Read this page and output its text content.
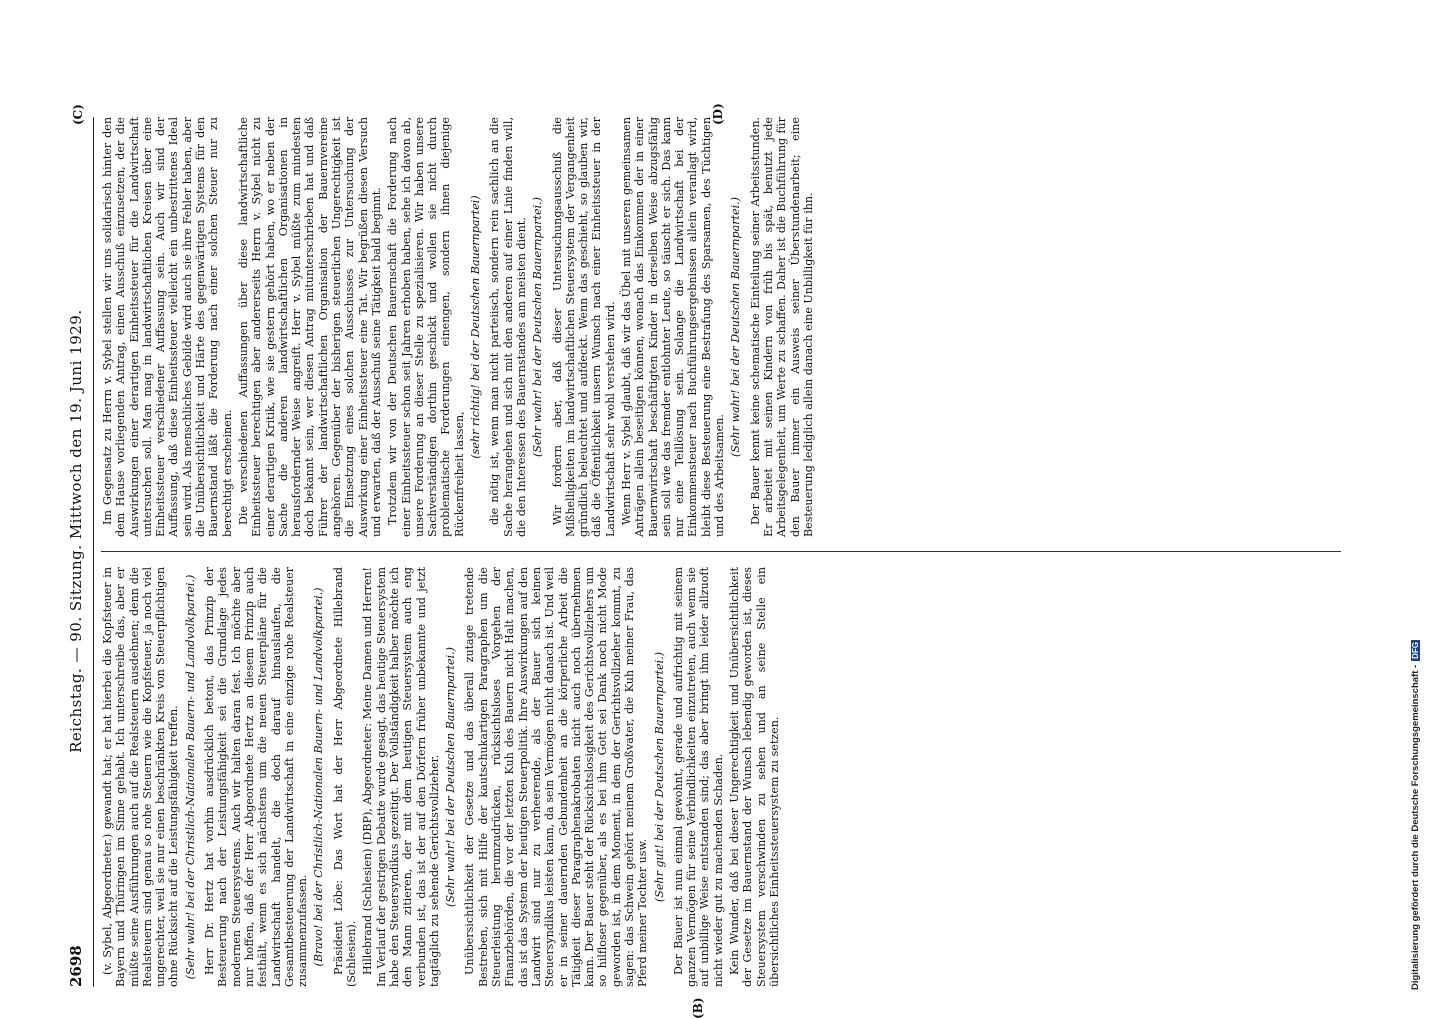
2698
Reichstag. — 90. Sitzung. Mittwoch den 19. Juni 1929.

(v. Sybel, Abgeordneter.) gewandt hat; er hat hierbei die Kopfsteuer in Bayern und Thüringen im Sinne gehabt. Ich unterschreibe das, aber er müßte seine Ausführungen auch auf die Realsteuern ausdehnen; denn die Realsteuern sind genau so rohe Steuern wie die Kopfsteuer, ja noch viel ungerechter, weil sie nur einen beschränkten Kreis von Steuerpflichtigen ohne Rücksicht auf die Leistungsfähigkeit treffen. (Sehr wahr! bei der Christlich-Nationalen Bauern- und Landvolkpartei.) Herr Dr. Hertz hat vorhin ausdrücklich betont, das Prinzip der Besteuerung nach der Leistungsfähigkeit sei die Grundlage jedes modernen Steuersystems. Auch wir halten daran fest. Ich möchte aber nur hoffen, daß der Herr Abgeordnete Hertz an diesem Prinzip auch festhält, wenn es sich nächstens um die neuen Steuerpläne für die Landwirtschaft handelt, die doch darauf hinauslaufen, die Gesamtbesteuerung der Landwirtschaft in eine einzige rohe Realsteuer zusammenzufassen. (Bravo! bei der Christlich-Nationalen Bauern- und Landvolkpartei.) Präsident Löbe: Das Wort hat der Herr Abgeordnete Hillebrand (Schlesien). Hillebrand (Schlesien) (DBP), Abgeordneter: Meine Damen und Herren! Im Verlauf der gestrigen Debatte wurde gesagt, das heutige Steuersystem habe den Steuersyndikus gezeitigt. Der Vollständigkeit halber möchte ich den Mann zitieren, der mit dem heutigen Steuersystem auch eng verbunden ist, das ist der auf den Dörfern früher unbekannte und jetzt tagtäglich zu sehende Gerichtsvollzieher. (Sehr wahr! bei der Deutschen Bauernpartei.) Unübersichtlichkeit der Gesetze und das überall zutage tretende Bestreben, sich mit Hilfe der kautschukartigen Paragraphen um die Steuerleistung herumzudrücken, rücksichtsloses Vorgehen der Finanzbehörden, die vor der letzten Kuh des Bauern nicht Halt machen, das ist das System der heutigen Steuerpolitik. Ihre Auswirkungen auf den Landwirt sind nur zu verheerende, als der Bauer sich keinen Steuersyndikus leisten kann, da sein Vermögen nicht danach ist. Und weil er in seiner dauernden Gebundenheit an die körperliche Arbeit die Tätigkeit dieser Paragraphenakrobaten nicht auch noch übernehmen kann. Der Bauer steht der Rücksichtslosigkeit des Gerichtsvollziehers um so hilfloser gegenüber, als es bei ihm Gott sei Dank noch nicht Mode geworden ist, in dem Moment, in dem der Gerichtsvollzieher kommt, zu sagen: das Schwein gehört meinem Großvater, die Kuh meiner Frau, das Pferd meiner Tochter usw.

(Sehr gut! bei der Deutschen Bauernpartei.) Der Bauer ist nun einmal gewohnt, gerade und aufrichtig mit seinem ganzen Vermögen für seine Verbindlichkeiten einzutreten, auch wenn sie auf unbillige Weise entstanden sind; das aber bringt ihm leider allzuoft nicht wieder gut zu machenden Schaden. Kein Wunder, daß bei dieser Ungerechtigkeit und Unübersichtlichkeit der Gesetze im Bauernstand der Wunsch lebendig geworden ist, dieses Steuersystem verschwinden zu sehen und an seine Stelle ein übersichtliches Einheitssteuersystem zu setzen.

Im Gegensatz zu Herrn v. Sybel stellen wir uns solidarisch hinter den dem Hause vorliegenden Antrag, einen Ausschuß einzusetzen, der die Auswirkungen einer derartigen Einheitssteuer für die Landwirtschaft untersuchen soll. Man mag in landwirtschaftlichen Kreisen über eine Einheitssteuer verschiedener Auffassung sein. Auch wir sind der Auffassung, daß diese Einheitssteuer vielleicht ein unbestrittenes Ideal sein wird. Als menschliches Gebilde wird auch sie ihre Fehler haben, aber die Unübersichtlichkeit und Härte des gegenwärtigen Systems für den Bauernstand läßt die Forderung nach einer solchen Steuer nur zu berechtigt erscheinen. Die verschiedenen Auffassungen über diese landwirtschaftliche Einheitssteuer berechtigen aber andererseits Herrn v. Sybel nicht zu einer derartigen Kritik, wie sie gestern gehört haben, wo er neben der Sache die anderen landwirtschaftlichen Organisationen in herausfordernder Weise angreift. Herr v. Sybel müßte zum mindesten doch bekannt sein, wer diesen Antrag mitunterschrieben hat und daß Führer der landwirtschaftlichen Organisation der Bauernvereine angehören. Gegenüber der bisherigen steuerlichen Ungerechtigkeit ist die Einsetzung eines solchen Ausschusses zur Untersuchung der Auswirkung einer Einheitssteuer eine Tat. Wir begrüßen diesen Versuch und erwarten, daß der Ausschuß seine Tätigkeit bald beginnt. Trotzdem wir von der Deutschen Bauernschaft die Forderung nach einer Einheitssteuer schon seit Jahren erhoben haben, sehe ich davon ab, unsere Forderung an dieser Stelle zu spezialisieren. Wir haben unsere Sachverständigen dorthin geschickt und wollen sie nicht durch problematische Forderungen einengen, sondern ihnen diejenige Rückenfreiheit lassen,

(sehr richtig! bei der Deutschen Bauernpartei) die nötig ist, wenn man nicht parteiisch, sondern rein sachlich an die Sache herangehen und sich mit den anderen auf einer Linie finden will, die den Interessen des Bauernstandes am meisten dient. (Sehr wahr! bei der Deutschen Bauernpartei.) Wir fordern aber, daß dieser Untersuchungsausschuß die Mißhelligkeiten im landwirtschaftlichen Steuersystem der Vergangenheit gründlich beleuchtet und aufdeckt. Wenn das geschieht, so glauben wir, daß die Öffentlichkeit unsern Wunsch nach einer Einheitssteuer in der Landwirtschaft sehr wohl verstehen wird. Wenn Herr v. Sybel glaubt, daß wir das Übel mit unseren gemeinsamen Anträgen allein beseitigen können, wonach das Einkommen der in einer Bauernwirtschaft beschäftigten Kinder in derselben Weise abzugsfähig sein soll wie das fremder entlohnter Leute, so täuscht er sich. Das kann nur eine Teillösung sein. Solange die Landwirtschaft bei der Einkommensteuer nach Buchführungsergebnissen allein veranlagt wird, bleibt diese Besteuerung eine Bestrafung des Sparsamen, des Tüchtigen und des Arbeitsamen.

(Sehr wahr! bei der Deutschen Bauernpartei.) Der Bauer kennt keine schematische Einteilung seiner Arbeitsstunden. Er arbeitet mit seinen Kindern von früh bis spät, benutzt jede Arbeitsgelegenheit, um Werte zu schaffen. Daher ist die Buchführung für den Bauer immer ein Ausweis seiner Überstundenarbeit; eine Besteuerung lediglich allein danach eine Unbilligkeit für ihn.

(B)
(C)	(D)
Digitalisierung gefördert durch die Deutsche Forschungsgemeinschaft -DFG
